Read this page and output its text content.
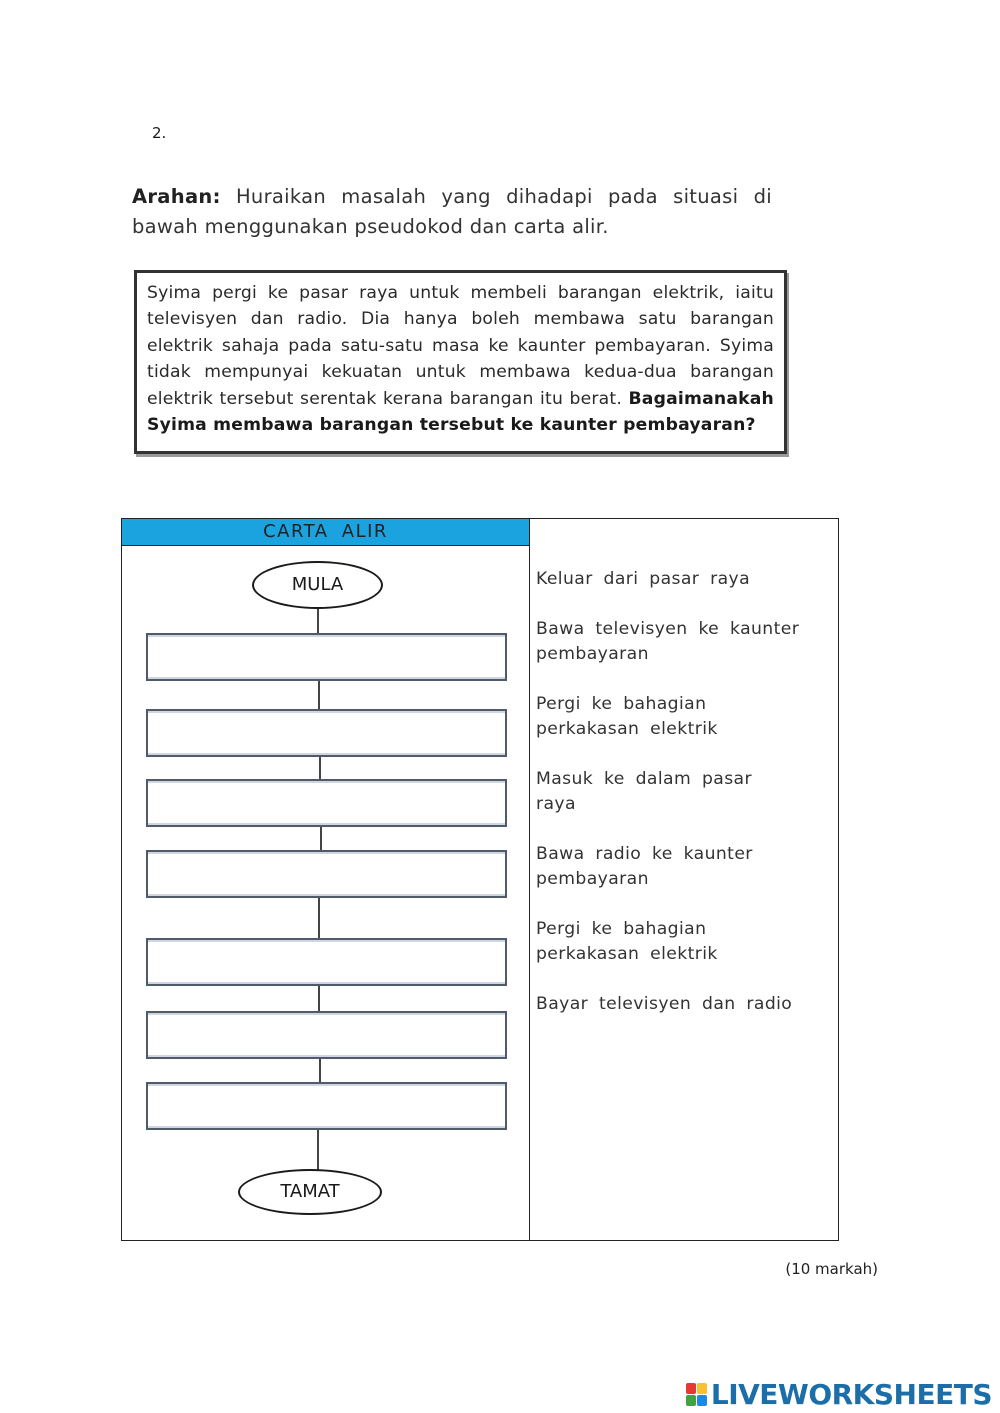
2.
Arahan: Huraikan masalah yang dihadapi pada situasi di bawah menggunakan pseudokod dan carta alir.

Syima pergi ke pasar raya untuk membeli barangan elektrik, iaitu televisyen dan radio. Dia hanya boleh membawa satu barangan elektrik sahaja pada satu-satu masa ke kaunter pembayaran. Syima tidak mempunyai kekuatan untuk membawa kedua-dua barangan elektrik tersebut serentak kerana barangan itu berat. Bagaimanakah Syima membawa barangan tersebut ke kaunter pembayaran?

CARTA ALIR
MULA
TAMAT
Keluar dari pasar raya
Bawa televisyen ke kaunter pembayaran
Pergi ke bahagian perkakasan elektrik
Masuk ke dalam pasar raya
Bawa radio ke kaunter pembayaran
Pergi ke bahagian perkakasan elektrik
Bayar televisyen dan radio
(10 markah)
LIVEWORKSHEETS
